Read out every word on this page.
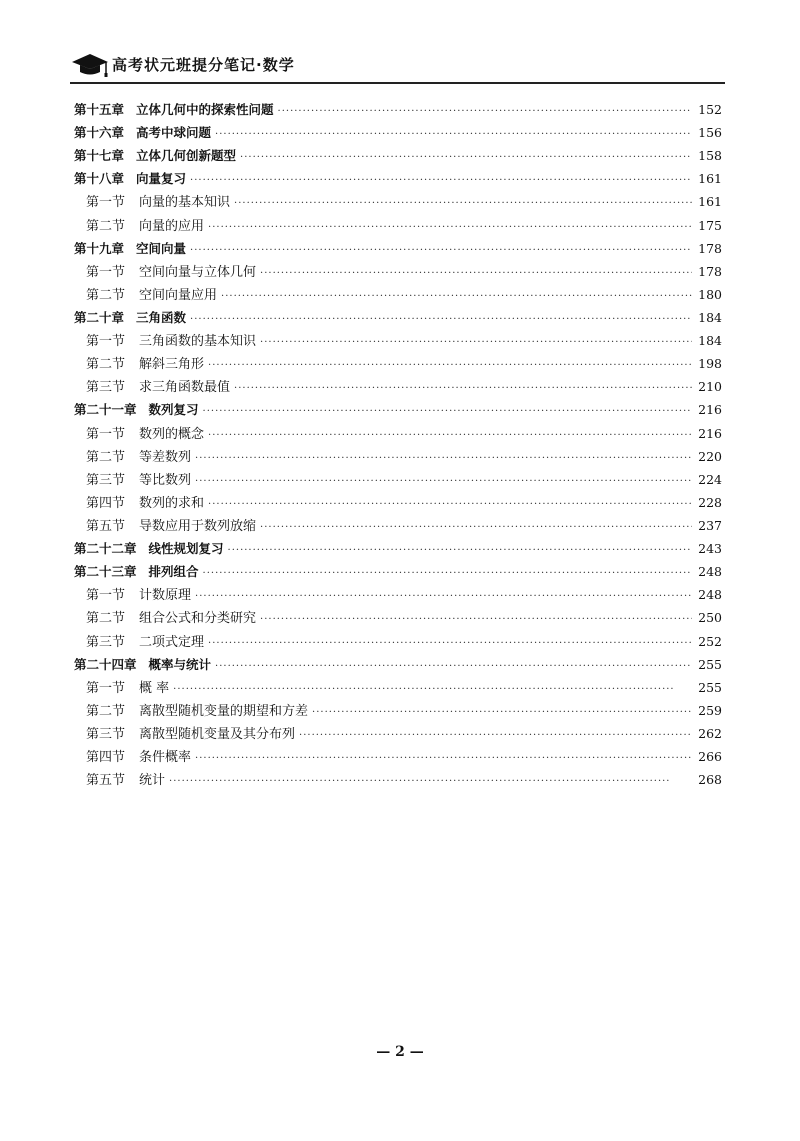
高考状元班提分笔记·数学
第十五章 立体几何中的探索性问题 ·····	152
第十六章 高考中球问题 ·····	156
第十七章 立体几何创新题型 ·····	158
第十八章 向量复习 ·····	161
第一节 向量的基本知识 ·····	161
第二节 向量的应用 ·····	175
第十九章 空间向量 ·····	178
第一节 空间向量与立体几何 ·····	178
第二节 空间向量应用 ·····	180
第二十章 三角函数 ·····	184
第一节 三角函数的基本知识 ·····	184
第二节 解斜三角形 ·····	198
第三节 求三角函数最值 ·····	210
第二十一章 数列复习 ·····	216
第一节 数列的概念 ·····	216
第二节 等差数列 ·····	220
第三节 等比数列 ·····	224
第四节 数列的求和 ·····	228
第五节 导数应用于数列放缩 ·····	237
第二十二章 线性规划复习 ·····	243
第二十三章 排列组合 ·····	248
第一节 计数原理 ·····	248
第二节 组合公式和分类研究 ·····	250
第三节 二项式定理 ·····	252
第二十四章 概率与统计 ·····	255
第一节 概 率 ·····	255
第二节 离散型随机变量的期望和方差 ·····	259
第三节 离散型随机变量及其分布列 ·····	262
第四节 条件概率 ·····	266
第五节 统计 ·····	268
— 2 —
